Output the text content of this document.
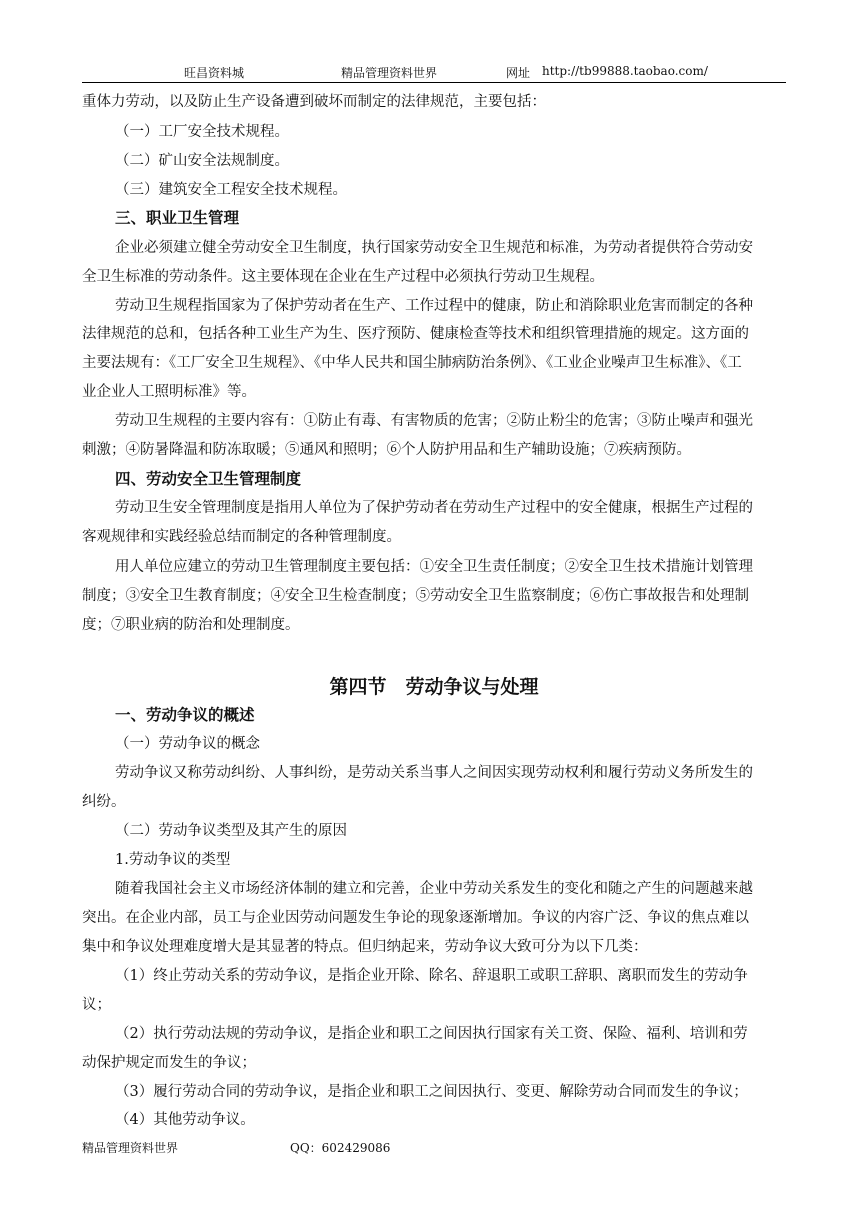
旺昌资料城	精品管理资料世界	网址 http://tb99888.taobao.com/
重体力劳动，以及防止生产设备遭到破坏而制定的法律规范，主要包括：
（一）工厂安全技术规程。
（二）矿山安全法规制度。
（三）建筑安全工程安全技术规程。
三、职业卫生管理
企业必须建立健全劳动安全卫生制度，执行国家劳动安全卫生规范和标准，为劳动者提供符合劳动安
全卫生标准的劳动条件。这主要体现在企业在生产过程中必须执行劳动卫生规程。
劳动卫生规程指国家为了保护劳动者在生产、工作过程中的健康，防止和消除职业危害而制定的各种
法律规范的总和，包括各种工业生产为生、医疗预防、健康检查等技术和组织管理措施的规定。这方面的
主要法规有：《工厂安全卫生规程》、《中华人民共和国尘肺病防治条例》、《工业企业噪声卫生标准》、《工
业企业人工照明标准》等。
劳动卫生规程的主要内容有：①防止有毒、有害物质的危害；②防止粉尘的危害；③防止噪声和强光
刺激；④防暑降温和防冻取暖；⑤通风和照明；⑥个人防护用品和生产辅助设施；⑦疾病预防。
四、劳动安全卫生管理制度
劳动卫生安全管理制度是指用人单位为了保护劳动者在劳动生产过程中的安全健康，根据生产过程的
客观规律和实践经验总结而制定的各种管理制度。
用人单位应建立的劳动卫生管理制度主要包括：①安全卫生责任制度；②安全卫生技术措施计划管理
制度；③安全卫生教育制度；④安全卫生检查制度；⑤劳动安全卫生监察制度；⑥伤亡事故报告和处理制
度；⑦职业病的防治和处理制度。
第四节　劳动争议与处理
一、劳动争议的概述
（一）劳动争议的概念
劳动争议又称劳动纠纷、人事纠纷，是劳动关系当事人之间因实现劳动权利和履行劳动义务所发生的
纠纷。
（二）劳动争议类型及其产生的原因
1.劳动争议的类型
随着我国社会主义市场经济体制的建立和完善，企业中劳动关系发生的变化和随之产生的问题越来越
突出。在企业内部，员工与企业因劳动问题发生争论的现象逐渐增加。争议的内容广泛、争议的焦点难以
集中和争议处理难度增大是其显著的特点。但归纳起来，劳动争议大致可分为以下几类：
（1）终止劳动关系的劳动争议，是指企业开除、除名、辞退职工或职工辞职、离职而发生的劳动争
议；
（2）执行劳动法规的劳动争议，是指企业和职工之间因执行国家有关工资、保险、福利、培训和劳
动保护规定而发生的争议；
（3）履行劳动合同的劳动争议，是指企业和职工之间因执行、变更、解除劳动合同而发生的争议；
（4）其他劳动争议。
精品管理资料世界	QQ：602429086
